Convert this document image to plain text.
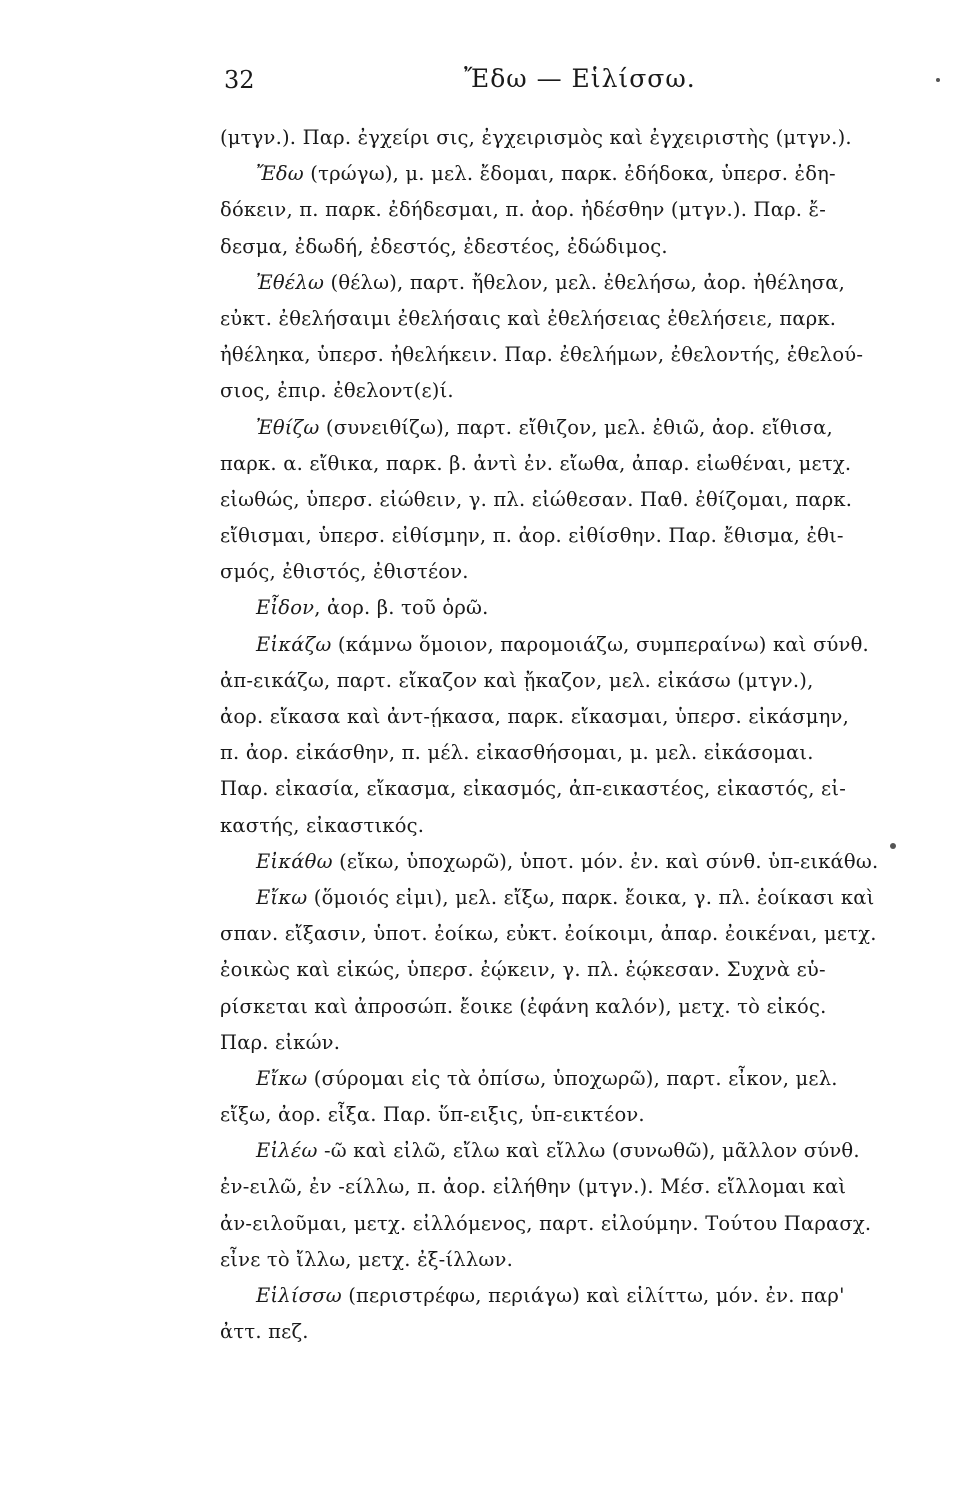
32	Ἔδω — Εἱλίσσω.
(μτγν.). Παρ. ἐγχείρι σις, ἐγχειρισμὸς καὶ ἐγχειριστὴς (μτγν.).
Ἔδω (τρώγω), μ. μελ. ἔδομαι, παρκ. ἐδήδοκα, ὑπερσ. ἐδη-
δόκειν, π. παρκ. ἐδήδεσμαι, π. ἀορ. ἠδέσθην (μτγν.). Παρ. ἔ-
δεσμα, ἐδωδή, ἐδεστός, ἐδεστέος, ἐδώδιμος.
Ἐθέλω (θέλω), παρτ. ἤθελον, μελ. ἐθελήσω, ἀορ. ἠθέλησα,
εὐκτ. ἐθελήσαιμι ἐθελήσαις καὶ ἐθελήσειας ἐθελήσειε, παρκ.
ἠθέληκα, ὑπερσ. ἠθελήκειν. Παρ. ἐθελήμων, ἐθελοντής, ἐθελού-
σιος, ἐπιρ. ἐθελοντ(ε)ί.
Ἐθίζω (συνειθίζω), παρτ. εἴθιζον, μελ. ἐθιῶ, ἀορ. εἴθισα,
παρκ. α. εἴθικα, παρκ. β. ἀντὶ ἐν. εἴωθα, ἀπαρ. εἰωθέναι, μετχ.
εἰωθώς, ὑπερσ. εἰώθειν, γ. πλ. εἰώθεσαν. Παθ. ἐθίζομαι, παρκ.
εἴθισμαι, ὑπερσ. εἰθίσμην, π. ἀορ. εἰθίσθην. Παρ. ἔθισμα, ἐθι-
σμός, ἐθιστός, ἐθιστέον.
Εἶδον, ἀορ. β. τοῦ ὁρῶ.
Εἰκάζω (κάμνω ὅμοιον, παρομοιάζω, συμπεραίνω) καὶ σύνθ.
ἀπ-εικάζω, παρτ. εἴκαζον καὶ ᾔκαζον, μελ. εἰκάσω (μτγν.),
ἀορ. εἴκασα καὶ ἀντ-ῄκασα, παρκ. εἴκασμαι, ὑπερσ. εἰκάσμην,
π. ἀορ. εἰκάσθην, π. μέλ. εἰκασθήσομαι, μ. μελ. εἰκάσομαι.
Παρ. εἰκασία, εἴκασμα, εἰκασμός, ἀπ-εικαστέος, εἰκαστός, εἰ-
καστής, εἰκαστικός.
Εἰκάθω (εἴκω, ὑποχωρῶ), ὑποτ. μόν. ἐν. καὶ σύνθ. ὑπ-εικάθω.
Εἴκω (ὅμοιός εἰμι), μελ. εἴξω, παρκ. ἔοικα, γ. πλ. ἐοίκασι καὶ
σπαν. εἴξασιν, ὑποτ. ἐοίκω, εὐκτ. ἐοίκοιμι, ἀπαρ. ἐοικέναι, μετχ.
ἐοικὼς καὶ εἰκώς, ὑπερσ. ἐῴκειν, γ. πλ. ἐῴκεσαν. Συχνὰ εὑ-
ρίσκεται καὶ ἀπροσώπ. ἔοικε (ἐφάνη καλόν), μετχ. τὸ εἰκός.
Παρ. εἰκών.
Εἴκω (σύρομαι εἰς τὰ ὀπίσω, ὑποχωρῶ), παρτ. εἶκον, μελ.
εἴξω, ἀορ. εἶξα. Παρ. ὕπ-ειξις, ὑπ-εικτέον.
Εἰλέω -ῶ καὶ εἰλῶ, εἴλω καὶ εἴλλω (συνωθῶ), μᾶλλον σύνθ.
ἐν-ειλῶ, ἐν -είλλω, π. ἀορ. εἰλήθην (μτγν.). Μέσ. εἴλλομαι καὶ
ἀν-ειλοῦμαι, μετχ. εἰλλόμενος, παρτ. εἰλούμην. Τούτου Παρασχ.
εἶνε τὸ ἴλλω, μετχ. ἐξ-ίλλων.
Εἱλίσσω (περιστρέφω, περιάγω) καὶ εἱλίττω, μόν. ἐν. παρ'
ἀττ. πεζ.
